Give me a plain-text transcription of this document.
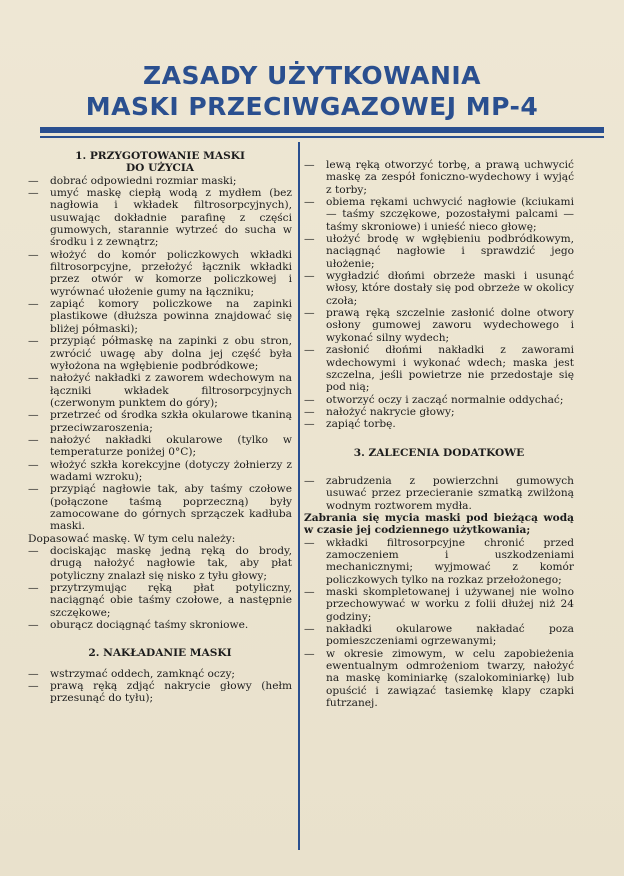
ZASADY UŻYTKOWANIA
MASKI PRZECIWGAZOWEJ MP-4

1. PRZYGOTOWANIE MASKI
DO UŻYCIA

— dobrać odpowiedni rozmiar maski;

— umyć maskę ciepłą wodą z mydłem (bez nagłowia i wkładek filtrosorpcyjnych), usuwając dokładnie parafinę z części gumowych, starannie wytrzeć do sucha w środku i z zewnątrz;

— włożyć do komór policzkowych wkładki filtrosorpcyjne, przełożyć łącznik wkładki przez otwór w komorze policzkowej i wyrównać ułożenie gumy na łączniku;

— zapiąć komory policzkowe na zapinki plastikowe (dłuższa powinna znajdować się bliżej półmaski);

— przypiąć półmaskę na zapinki z obu stron, zwrócić uwagę aby dolna jej część była wyłożona na wgłębienie podbródkowe;

— nałożyć nakładki z zaworem wdechowym na łączniki wkładek filtrosorpcyjnych (czerwonym punktem do góry);

— przetrzeć od środka szkła okularowe tkaniną przeciwzaroszenia;

— nałożyć nakładki okularowe (tylko w temperaturze poniżej 0°C);

— włożyć szkła korekcyjne (dotyczy żołnierzy z wadami wzroku);

— przypiąć nagłowie tak, aby taśmy czołowe (połączone taśmą poprzeczną) były zamocowane do górnych sprzączek kadłuba maski.

Dopasować maskę. W tym celu należy:

— dociskając maskę jedną ręką do brody, drugą nałożyć nagłowie tak, aby płat potyliczny znalazł się nisko z tyłu głowy;

— przytrzymując ręką płat potyliczny, naciągnąć obie taśmy czołowe, a następnie szczękowe;

— oburącz dociągnąć taśmy skroniowe.

2. NAKŁADANIE MASKI

— wstrzymać oddech, zamknąć oczy;

— prawą ręką zdjąć nakrycie głowy (hełm przesunąć do tyłu);

— lewą ręką otworzyć torbę, a prawą uchwycić maskę za zespół foniczno-wydechowy i wyjąć z torby;

— obiema rękami uchwycić nagłowie (kciukami — taśmy szczękowe, pozostałymi palcami — taśmy skroniowe) i unieść nieco głowę;

— ułożyć brodę w wgłębieniu podbródkowym, naciągnąć nagłowie i sprawdzić jego ułożenie;

— wygładzić dłońmi obrzeże maski i usunąć włosy, które dostały się pod obrzeże w okolicy czoła;

— prawą ręką szczelnie zasłonić dolne otwory osłony gumowej zaworu wydechowego i wykonać silny wydech;

— zasłonić dłońmi nakładki z zaworami wdechowymi i wykonać wdech; maska jest szczelna, jeśli powietrze nie przedostaje się pod nią;

— otworzyć oczy i zacząć normalnie oddychać;

— nałożyć nakrycie głowy;

— zapiąć torbę.

3. ZALECENIA DODATKOWE

— zabrudzenia z powierzchni gumowych usuwać przez przecieranie szmatką zwilżoną wodnym roztworem mydła.

Zabrania się mycia maski pod bieżącą wodą w czasie jej codziennego użytkowania;

— wkładki filtrosorpcyjne chronić przed zamoczeniem i uszkodzeniami mechanicznymi; wyjmować z komór policzkowych tylko na rozkaz przełożonego;

— maski skompletowanej i używanej nie wolno przechowywać w worku z folii dłużej niż 24 godziny;

— nakładki okularowe nakładać poza pomieszczeniami ogrzewanymi;

— w okresie zimowym, w celu zapobieżenia ewentualnym odmrożeniom twarzy, nałożyć na maskę kominiarkę (szalokominiarkę) lub opuścić i zawiązać tasiemkę klapy czapki futrzanej.
